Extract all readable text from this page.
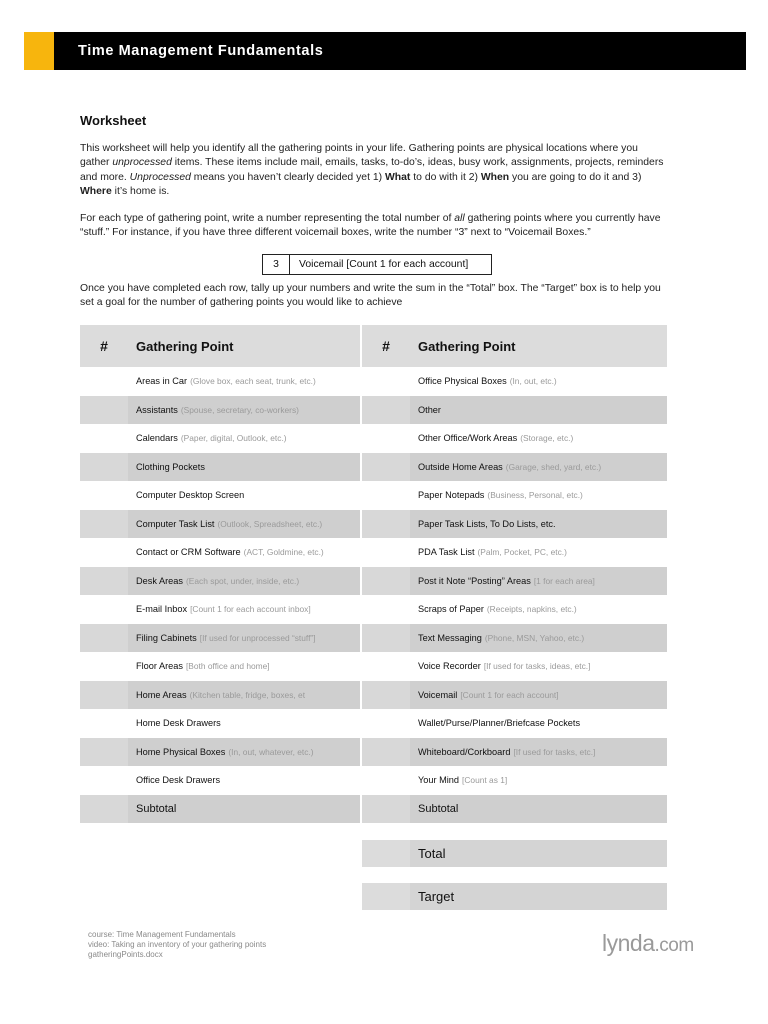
Time Management Fundamentals
Worksheet
This worksheet will help you identify all the gathering points in your life. Gathering points are physical locations where you gather unprocessed items. These items include mail, emails, tasks, to-do’s, ideas, busy work, assignments, projects, reminders and more. Unprocessed means you haven’t clearly decided yet 1) What to do with it 2) When you are going to do it and 3) Where it’s home is.
For each type of gathering point, write a number representing the total number of all gathering points where you currently have “stuff.” For instance, if you have three different voicemail boxes, write the number “3” next to “Voicemail Boxes.”
3	Voicemail [Count 1 for each account]
Once you have completed each row, tally up your numbers and write the sum in the “Total” box. The “Target” box is to help you set a goal for the number of gathering points you would like to achieve
#	Gathering Point	#	Gathering Point
Areas in Car (Glove box, each seat, trunk, etc.)	Office Physical Boxes (In, out, etc.)
Assistants (Spouse, secretary, co-workers)	Other
Calendars (Paper, digital, Outlook, etc.)	Other Office/Work Areas (Storage, etc.)
Clothing Pockets	Outside Home Areas (Garage, shed, yard, etc.)
Computer Desktop Screen	Paper Notepads (Business, Personal, etc.)
Computer Task List (Outlook, Spreadsheet, etc.)	Paper Task Lists, To Do Lists, etc.
Contact or CRM Software (ACT, Goldmine, etc.)	PDA Task List (Palm, Pocket, PC, etc.)
Desk Areas (Each spot, under, inside, etc.)	Post it Note “Posting” Areas [1 for each area]
E-mail Inbox [Count 1 for each account inbox]	Scraps of Paper (Receipts, napkins, etc.)
Filing Cabinets [If used for unprocessed “stuff”]	Text Messaging (Phone, MSN, Yahoo, etc.)
Floor Areas [Both office and home]	Voice Recorder [If used for tasks, ideas, etc.]
Home Areas (Kitchen table, fridge, boxes, et	Voicemail [Count 1 for each account]
Home Desk Drawers	Wallet/Purse/Planner/Briefcase Pockets
Home Physical Boxes (In, out, whatever, etc.)	Whiteboard/Corkboard [If used for tasks, etc.]
Office Desk Drawers	Your Mind [Count as 1]
Subtotal	Subtotal
Total
Target
course: Time Management Fundamentals
video: Taking an inventory of your gathering points
gatheringPoints.docx	lynda.com
